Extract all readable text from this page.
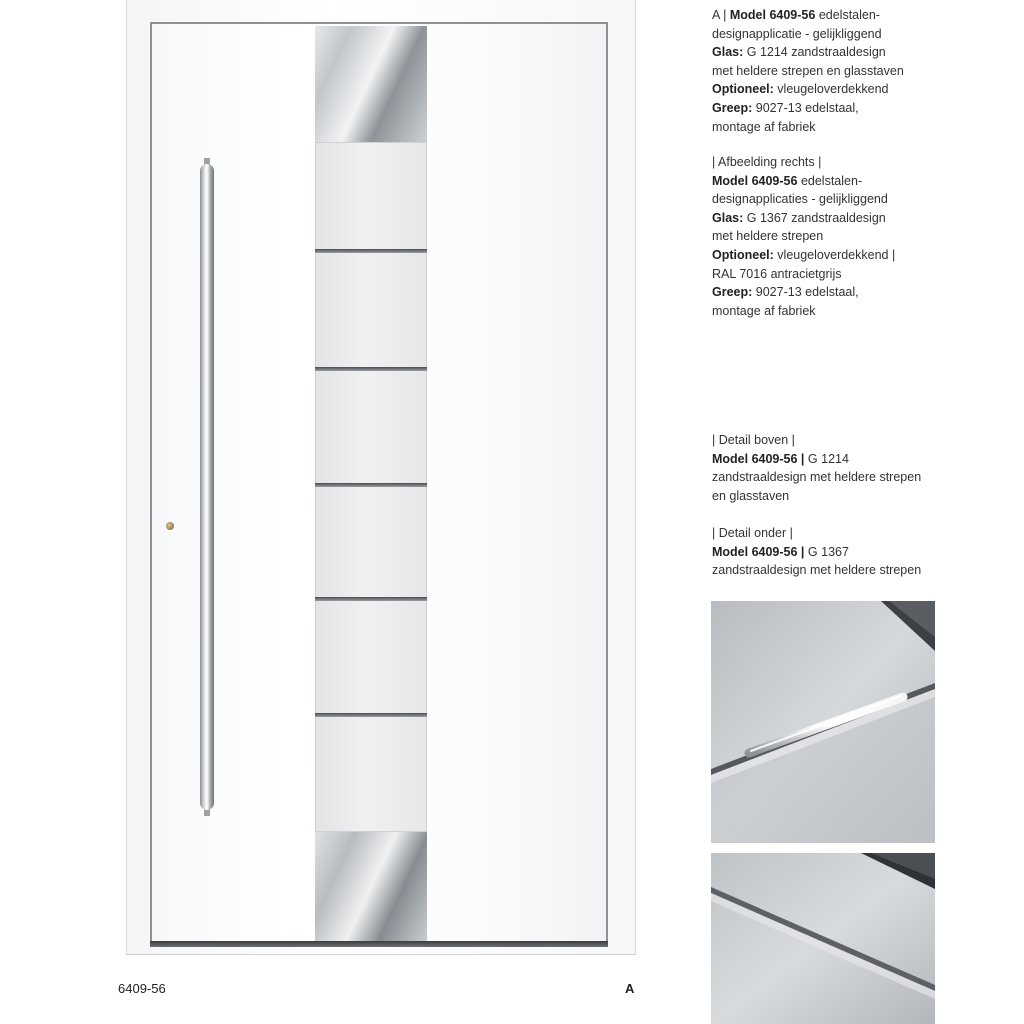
6409-56	A
A | Model 6409-56 edelstalen-
designapplicatie - gelijkliggend
Glas: G 1214 zandstraaldesign
met heldere strepen en glasstaven
Optioneel: vleugeloverdekkend
Greep: 9027-13 edelstaal,
montage af fabriek
| Afbeelding rechts |
Model 6409-56 edelstalen-
designapplicaties - gelijkliggend
Glas: G 1367 zandstraaldesign
met heldere strepen
Optioneel: vleugeloverdekkend |
RAL 7016 antracietgrijs
Greep: 9027-13 edelstaal,
montage af fabriek
| Detail boven |
Model 6409-56 | G 1214
zandstraaldesign met heldere strepen
en glasstaven
| Detail onder |
Model 6409-56 | G 1367
zandstraaldesign met heldere strepen
